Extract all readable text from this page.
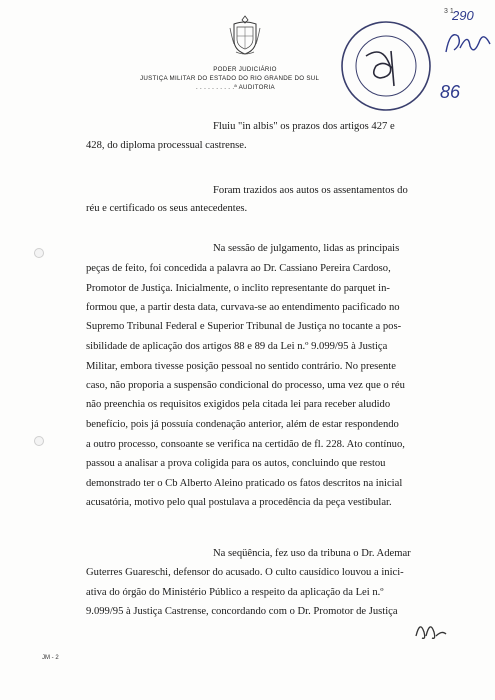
PODER JUDICIÁRIO
JUSTIÇA MILITAR DO ESTADO DO RIO GRANDE DO SUL
. . . . . . . . . .ª AUDITORIA
3 1
290
86
Fluiu "in albis" os prazos dos artigos 427 e
428, do diploma processual castrense.
Foram trazidos aos autos os assentamentos do
réu e certificado os seus antecedentes.
Na sessão de julgamento, lidas as principais
peças de feito, foi concedida a palavra ao Dr. Cassiano Pereira Cardoso,
Promotor de Justiça. Inicialmente, o inclito representante do parquet in-
formou que, a partir desta data, curvava-se ao entendimento pacificado no
Supremo Tribunal Federal e Superior Tribunal de Justiça no tocante a pos-
sibilidade de aplicação dos artigos 88 e 89 da Lei n.º 9.099/95 à Justiça
Militar, embora tivesse posição pessoal no sentido contrário. No presente
caso, não proporia a suspensão condicional do processo, uma vez que o réu
não preenchia os requisitos exigidos pela citada lei para receber aludido
benefício, pois já possuía condenação anterior, além de estar respondendo
a outro processo, consoante se verifica na certidão de fl. 228. Ato contínuo,
passou a analisar a prova coligida para os autos, concluindo que restou
demonstrado ter o Cb Alberto Aleino praticado os fatos descritos na inicial
acusatória, motivo pelo qual postulava a procedência da peça vestibular.
Na seqüência, fez uso da tribuna o Dr. Ademar
Guterres Guareschi, defensor do acusado. O culto causídico louvou a inici-
ativa do órgão do Ministério Público a respeito da aplicação da Lei n.º
9.099/95 à Justiça Castrense, concordando com o Dr. Promotor de Justiça
JM - 2
